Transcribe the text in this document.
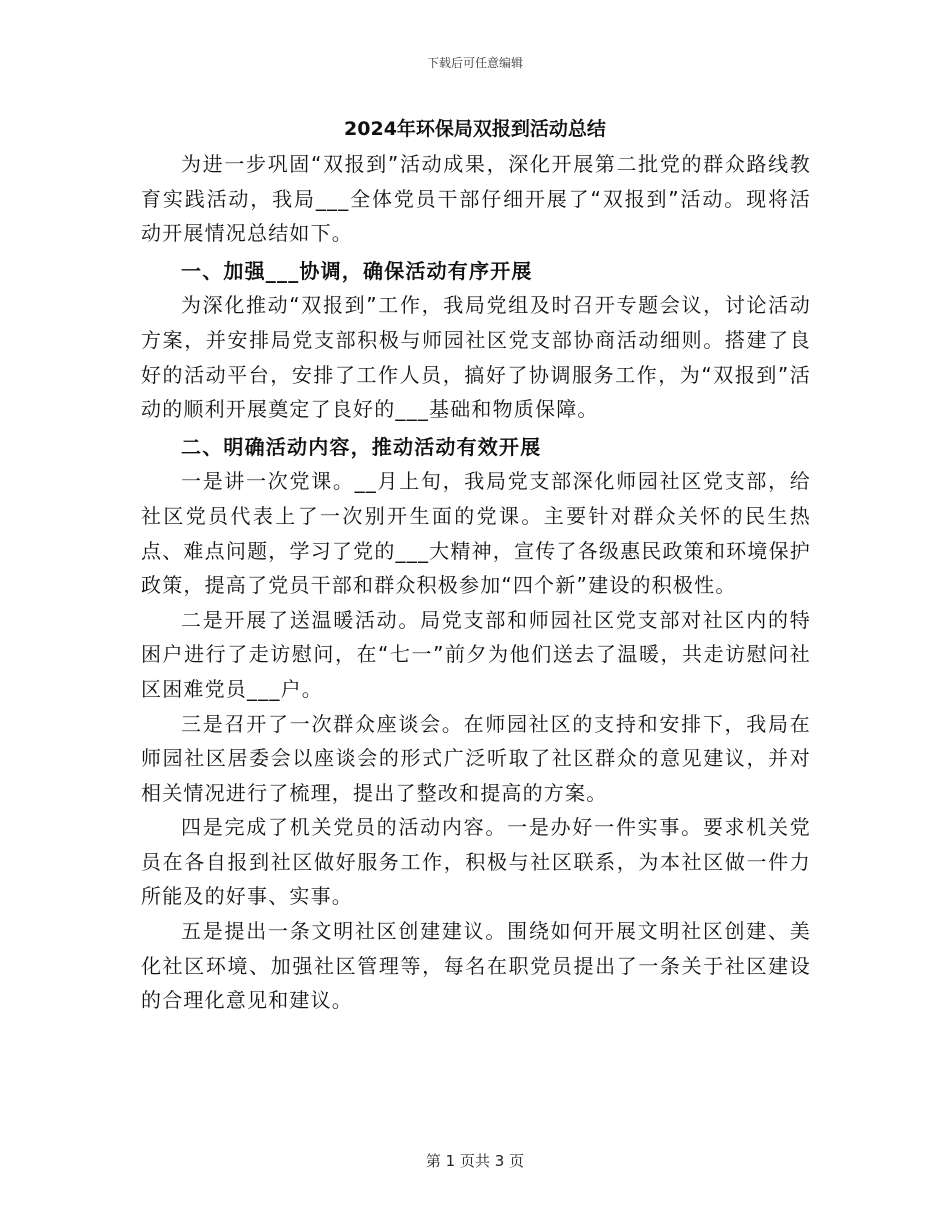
下载后可任意编辑
2024年环保局双报到活动总结

为进一步巩固“双报到”活动成果，深化开展第二批党的群众路线教育实践活动，我局___全体党员干部仔细开展了“双报到”活动。现将活动开展情况总结如下。

一、加强___协调，确保活动有序开展

为深化推动“双报到”工作，我局党组及时召开专题会议，讨论活动方案，并安排局党支部积极与师园社区党支部协商活动细则。搭建了良好的活动平台，安排了工作人员，搞好了协调服务工作，为“双报到”活动的顺利开展奠定了良好的___基础和物质保障。

二、明确活动内容，推动活动有效开展

一是讲一次党课。__月上旬，我局党支部深化师园社区党支部，给社区党员代表上了一次别开生面的党课。主要针对群众关怀的民生热点、难点问题，学习了党的___大精神，宣传了各级惠民政策和环境保护政策，提高了党员干部和群众积极参加“四个新”建设的积极性。

二是开展了送温暖活动。局党支部和师园社区党支部对社区内的特困户进行了走访慰问，在“七一”前夕为他们送去了温暖，共走访慰问社区困难党员___户。

三是召开了一次群众座谈会。在师园社区的支持和安排下，我局在师园社区居委会以座谈会的形式广泛听取了社区群众的意见建议，并对相关情况进行了梳理，提出了整改和提高的方案。

四是完成了机关党员的活动内容。一是办好一件实事。要求机关党员在各自报到社区做好服务工作，积极与社区联系，为本社区做一件力所能及的好事、实事。

五是提出一条文明社区创建建议。围绕如何开展文明社区创建、美化社区环境、加强社区管理等，每名在职党员提出了一条关于社区建设的合理化意见和建议。

第 1 页共 3 页
